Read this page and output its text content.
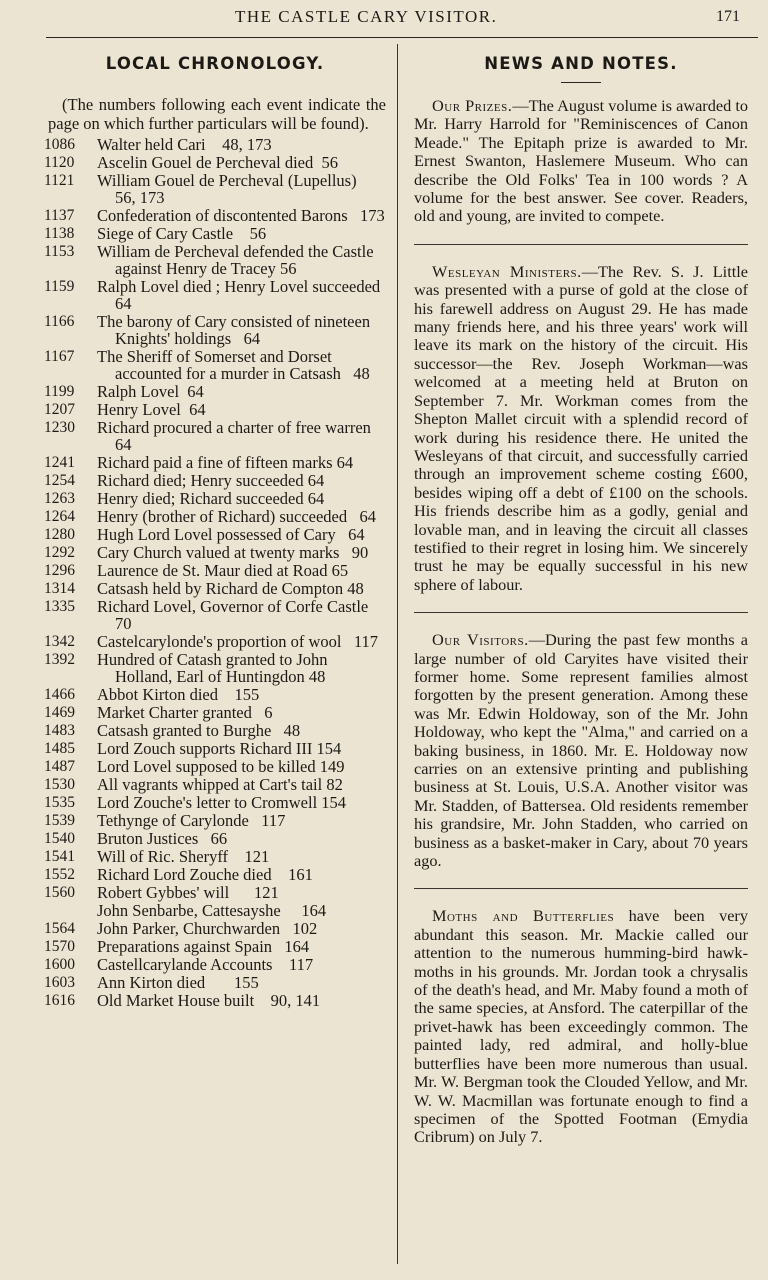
THE CASTLE CARY VISITOR.	171
LOCAL CHRONOLOGY.

(The numbers following each event indicate the page on which further particulars will be found).

1086	Walter held Cari    48, 173
1120	Ascelin Gouel de Percheval died  56
1121	William Gouel de Percheval (Lupellus)   56, 173
1137	Confederation of discontented Barons   173
1138	Siege of Cary Castle    56
1153	William de Percheval defended the Castle against Henry de Tracey 56
1159	Ralph Lovel died ; Henry Lovel succeeded    64
1166	The barony of Cary consisted of nineteen Knights' holdings   64
1167	The Sheriff of Somerset and Dorset accounted for a murder in Catsash   48
1199	Ralph Lovel  64
1207	Henry Lovel  64
1230	Richard procured a charter of free warren    64
1241	Richard paid a fine of fifteen marks 64
1254	Richard died; Henry succeeded 64
1263	Henry died; Richard succeeded 64
1264	Henry (brother of Richard) succeeded   64
1280	Hugh Lord Lovel possessed of Cary   64
1292	Cary Church valued at twenty marks   90
1296	Laurence de St. Maur died at Road 65
1314	Catsash held by Richard de Compton 48
1335	Richard Lovel, Governor of Corfe Castle   70
1342	Castelcarylonde's proportion of wool   117
1392	Hundred of Catash granted to John Holland, Earl of Huntingdon 48
1466	Abbot Kirton died    155
1469	Market Charter granted   6
1483	Catsash granted to Burghe   48
1485	Lord Zouch supports Richard III 154
1487	Lord Lovel supposed to be killed 149
1530	All vagrants whipped at Cart's tail 82
1535	Lord Zouche's letter to Cromwell 154
1539	Tethynge of Carylonde   117
1540	Bruton Justices   66
1541	Will of Ric. Sheryff    121
1552	Richard Lord Zouche died    161
1560	Robert Gybbes' will      121
John Senbarbe, Cattesayshe     164
1564	John Parker, Churchwarden   102
1570	Preparations against Spain   164
1600	Castellcarylande Accounts    117
1603	Ann Kirton died       155
1616	Old Market House built    90, 141
NEWS AND NOTES.

Our Prizes.—The August volume is awarded to Mr. Harry Harrold for "Reminiscences of Canon Meade." The Epitaph prize is awarded to Mr. Ernest Swanton, Haslemere Museum. Who can describe the Old Folks' Tea in 100 words ? A volume for the best answer. See cover. Readers, old and young, are invited to compete.

Wesleyan Ministers.—The Rev. S. J. Little was presented with a purse of gold at the close of his farewell address on August 29. He has made many friends here, and his three years' work will leave its mark on the history of the circuit. His successor—the Rev. Joseph Workman—was welcomed at a meeting held at Bruton on September 7. Mr. Workman comes from the Shepton Mallet circuit with a splendid record of work during his residence there. He united the Wesleyans of that circuit, and successfully carried through an improvement scheme costing £600, besides wiping off a debt of £100 on the schools. His friends describe him as a godly, genial and lovable man, and in leaving the circuit all classes testified to their regret in losing him. We sincerely trust he may be equally successful in his new sphere of labour.

Our Visitors.—During the past few months a large number of old Caryites have visited their former home. Some represent families almost forgotten by the present generation. Among these was Mr. Edwin Holdoway, son of the Mr. John Holdoway, who kept the "Alma," and carried on a baking business, in 1860. Mr. E. Holdoway now carries on an extensive printing and publishing business at St. Louis, U.S.A. Another visitor was Mr. Stadden, of Battersea. Old residents remember his grandsire, Mr. John Stadden, who carried on business as a basket-maker in Cary, about 70 years ago.

Moths and Butterflies have been very abundant this season. Mr. Mackie called our attention to the numerous humming-bird hawk-moths in his grounds. Mr. Jordan took a chrysalis of the death's head, and Mr. Maby found a moth of the same species, at Ansford. The caterpillar of the privet-hawk has been exceedingly common. The painted lady, red admiral, and holly-blue butterflies have been more numerous than usual. Mr. W. Bergman took the Clouded Yellow, and Mr. W. W. Macmillan was fortunate enough to find a specimen of the Spotted Footman (Emydia Cribrum) on July 7.
